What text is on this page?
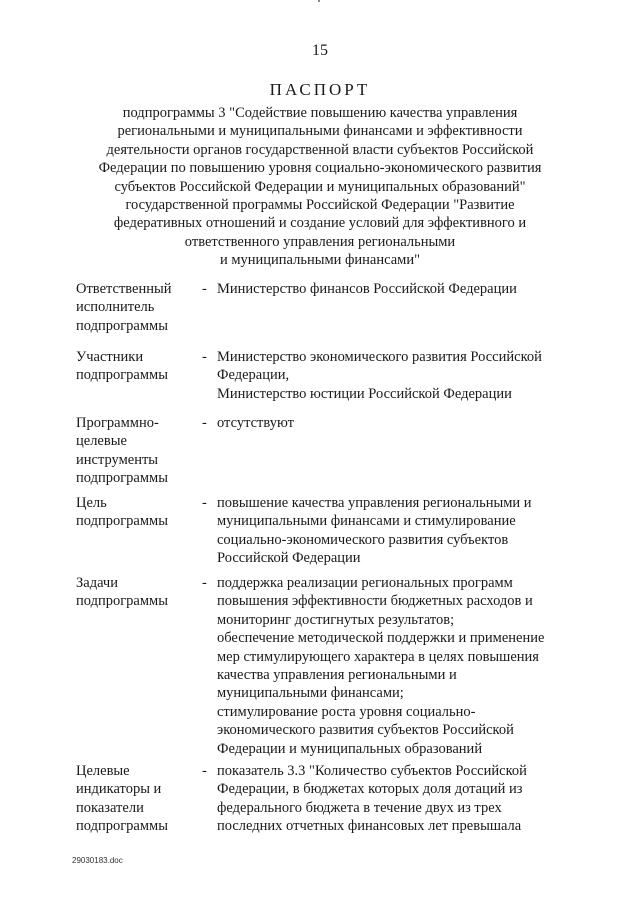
15
ПАСПОРТ
подпрограммы 3 "Содействие повышению качества управления
региональными и муниципальными финансами и эффективности
деятельности органов государственной власти субъектов Российской
Федерации по повышению уровня социально-экономического развития
субъектов Российской Федерации и муниципальных образований"
государственной программы Российской Федерации "Развитие
федеративных отношений и создание условий для эффективного и
ответственного управления региональными
и муниципальными финансами"
Ответственный
исполнитель
подпрограммы
- Министерство финансов Российской Федерации
Участники
подпрограммы
- Министерство экономического развития Российской
Федерации,
Министерство юстиции Российской Федерации
Программно-
целевые
инструменты
подпрограммы
- отсутствуют
Цель
подпрограммы
- повышение качества управления региональными и
муниципальными финансами и стимулирование
социально-экономического развития субъектов
Российской Федерации
Задачи
подпрограммы
- поддержка реализации региональных программ
повышения эффективности бюджетных расходов и
мониторинг достигнутых результатов;
обеспечение методической поддержки и применение
мер стимулирующего характера в целях повышения
качества управления региональными и
муниципальными финансами;
стимулирование роста уровня социально-
экономического развития субъектов Российской
Федерации и муниципальных образований
Целевые
индикаторы и
показатели
подпрограммы
- показатель 3.3 "Количество субъектов Российской
Федерации, в бюджетах которых доля дотаций из
федерального бюджета в течение двух из трех
последних отчетных финансовых лет превышала
29030183.doc
